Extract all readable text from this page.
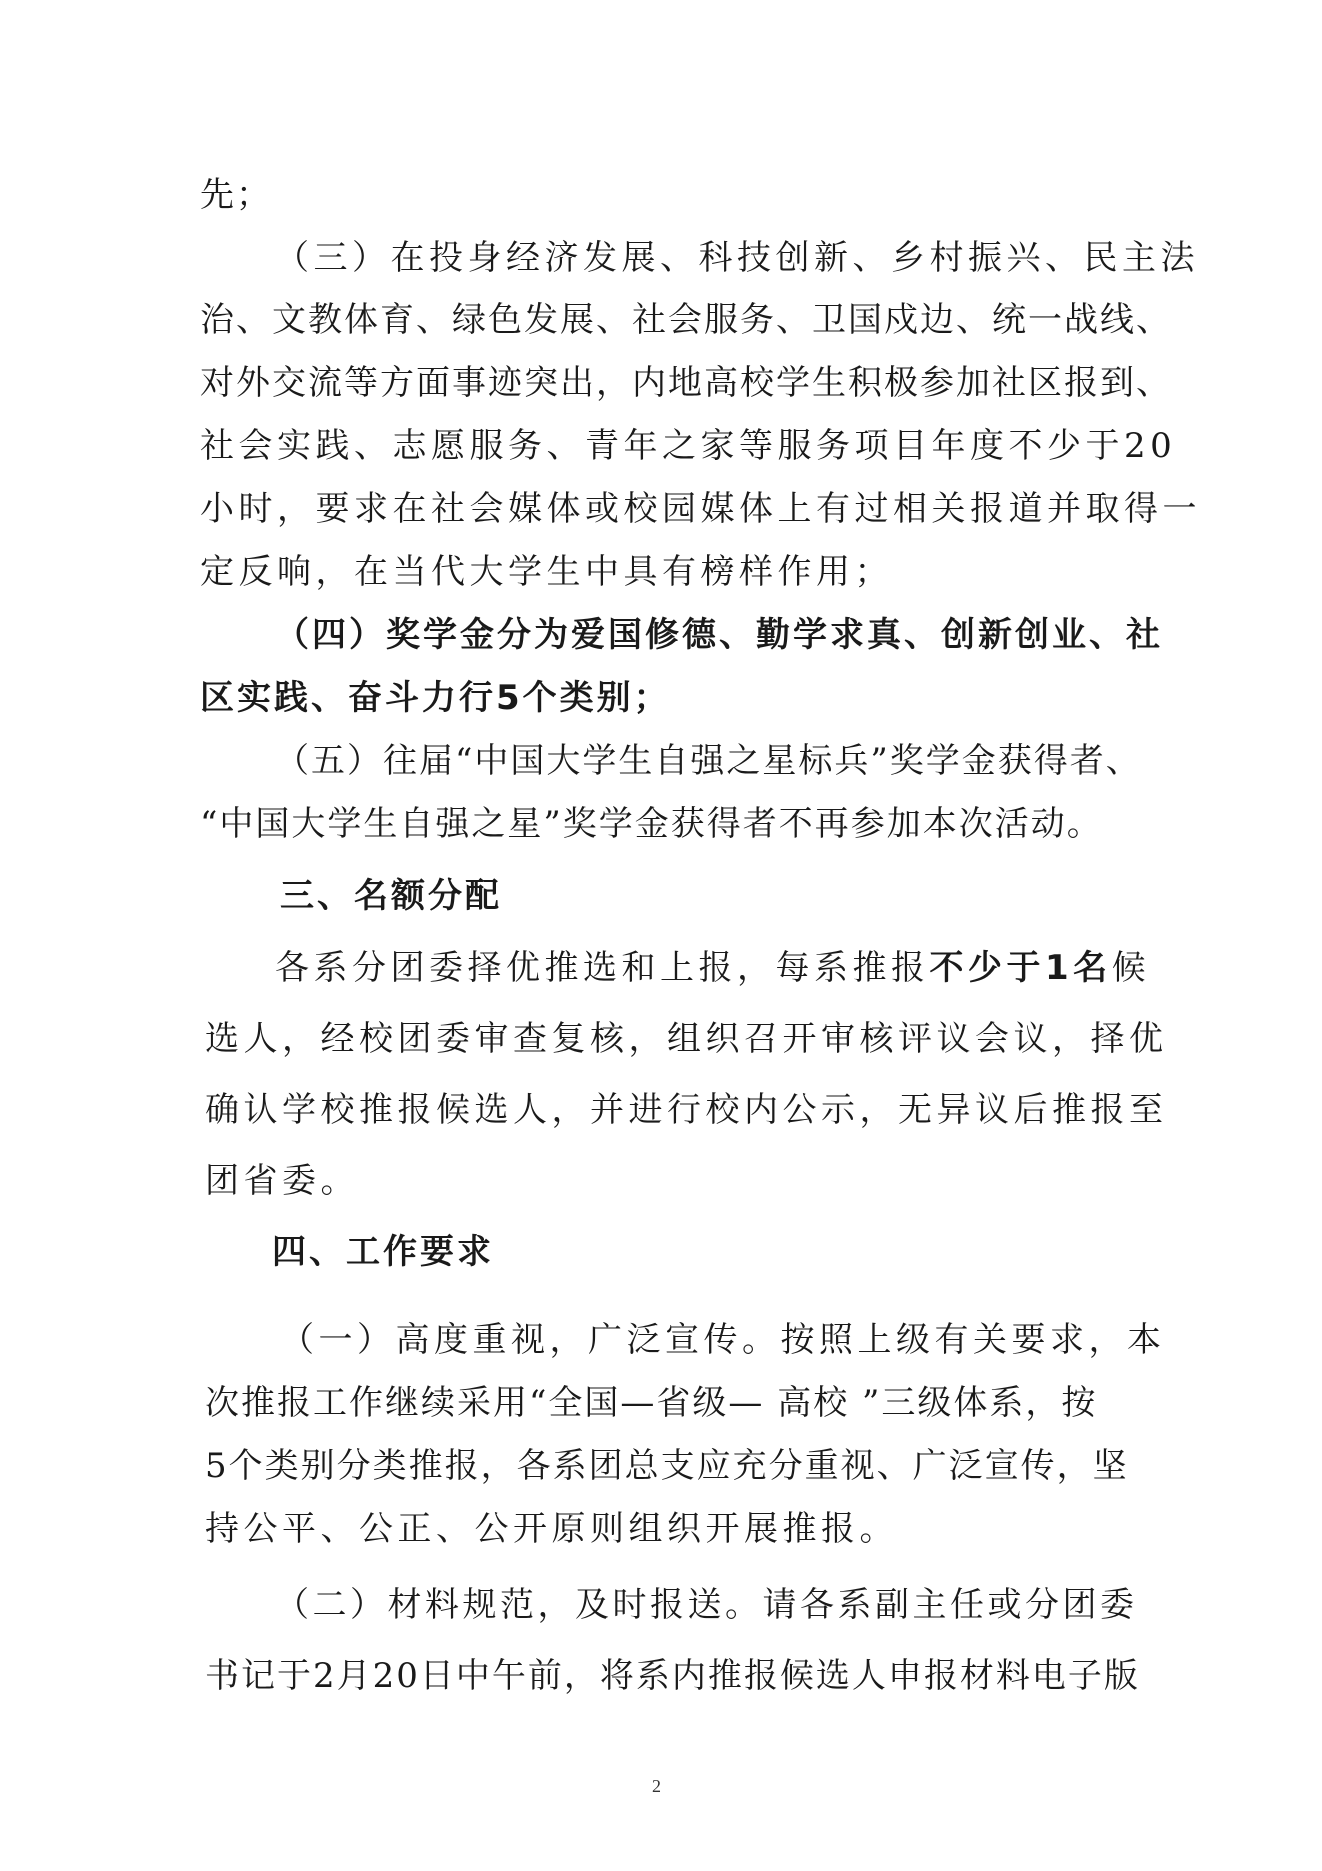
先；
（三）在投身经济发展、科技创新、乡村振兴、民主法
治、文教体育、绿色发展、社会服务、卫国戍边、统一战线、
对外交流等方面事迹突出，内地高校学生积极参加社区报到、
社会实践、志愿服务、青年之家等服务项目年度不少于20
小时，要求在社会媒体或校园媒体上有过相关报道并取得一
定反响，在当代大学生中具有榜样作用；
（四）奖学金分为爱国修德、勤学求真、创新创业、社
区实践、奋斗力行5个类别；
（五）往届“中国大学生自强之星标兵”奖学金获得者、
“中国大学生自强之星”奖学金获得者不再参加本次活动。
三、名额分配
各系分团委择优推选和上报，每系推报不少于1名候
选人，经校团委审查复核，组织召开审核评议会议，择优
确认学校推报候选人，并进行校内公示，无异议后推报至
团省委。
四、工作要求
（一）高度重视，广泛宣传。按照上级有关要求，本
次推报工作继续采用“全国—省级— 高校 ”三级体系，按
5个类别分类推报，各系团总支应充分重视、广泛宣传，坚
持公平、公正、公开原则组织开展推报。
（二）材料规范，及时报送。请各系副主任或分团委
书记于2月20日中午前，将系内推报候选人申报材料电子版
2
